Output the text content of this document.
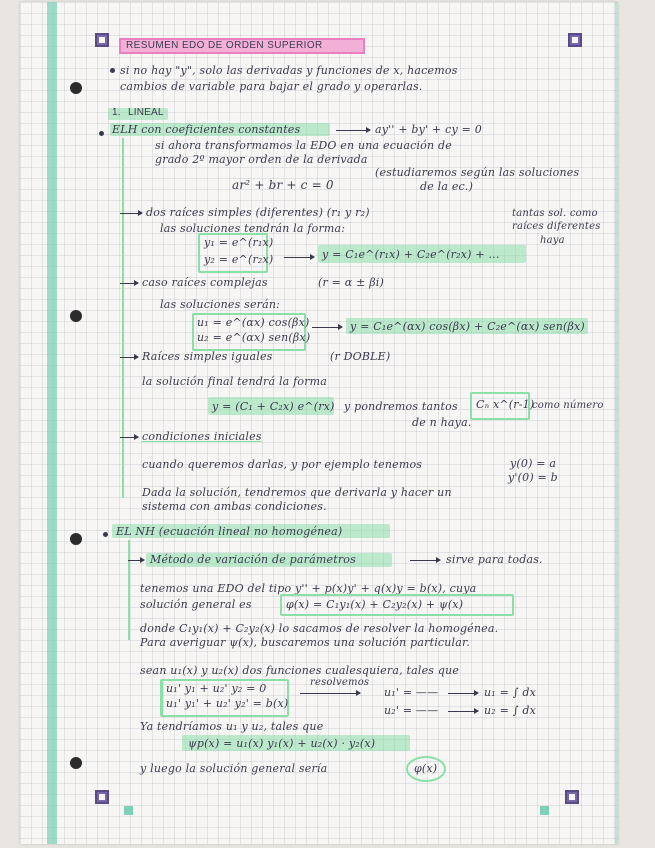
RESUMEN EDO DE ORDEN SUPERIOR
si no hay "y", solo las derivadas y funciones de x, hacemos
cambios de variable para bajar el grado y operarlas.
1. LINEAL
ELH con coeficientes constantes	ay'' + by' + cy = 0
si ahora transformamos la EDO en una ecuación de
grado 2º mayor orden de la derivada
ar² + br + c = 0
(estudiaremos según las soluciones
de la ec.)
dos raíces simples (diferentes) (r₁ y r₂)	tantas sol. como
raíces diferentes
haya
las soluciones tendrán la forma:
y₁ = e^(r₁x)
y₂ = e^(r₂x)	y = C₁e^(r₁x) + C₂e^(r₂x) + ...
caso raíces complejas	(r = α ± βi)
las soluciones serán:
u₁ = e^(αx) cos(βx)
u₂ = e^(αx) sen(βx)
y = C₁e^(αx) cos(βx) + C₂e^(αx) sen(βx)
Raíces simples iguales	(r DOBLE)
la solución final tendrá la forma
y = (C₁ + C₂x) e^(rx) y pondremos tantos Cₙ x^(r-1)
como número
de n haya.
condiciones iniciales
cuando queremos darlas, y por ejemplo tenemos	y(0) = a
y'(0) = b
Dada la solución, tendremos que derivarla y hacer un
sistema con ambas condiciones.
EL NH (ecuación lineal no homogénea)
Método de variación de parámetros	sirve para todas.
tenemos una EDO del tipo y'' + p(x)y' + q(x)y = b(x), cuya
solución general es	φ(x) = C₁y₁(x) + C₂y₂(x) + ψ(x)
donde C₁y₁(x) + C₂y₂(x) lo sacamos de resolver la homogénea.
Para averiguar ψ(x), buscaremos una solución particular.
sean u₁(x) y u₂(x) dos funciones cualesquiera, tales que
u₁' y₁ + u₂' y₂ = 0
u₁' y₁' + u₂' y₂' = b(x)
resolvemos
u₁' = ——
u₂' = ——
u₁ = ∫ dx
u₂ = ∫ dx
Ya tendríamos u₁ y u₂, tales que
ψp(x) = u₁(x) y₁(x) + u₂(x) · y₂(x)
y luego la solución general sería	φ(x)
